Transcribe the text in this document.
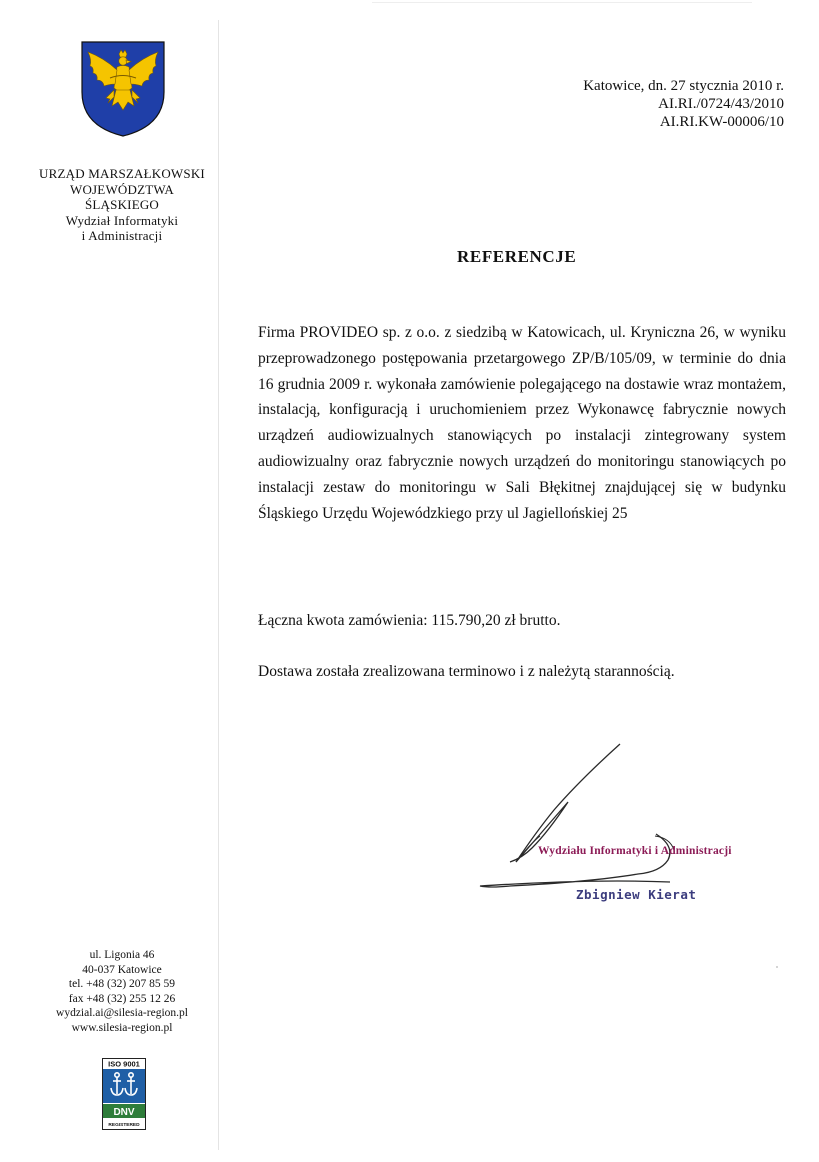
URZĄD MARSZAŁKOWSKI
WOJEWÓDZTWA
ŚLĄSKIEGO
Wydział Informatyki
i Administracji
Katowice, dn. 27 stycznia 2010 r.
AI.RI./0724/43/2010
AI.RI.KW-00006/10
REFERENCJE

Firma PROVIDEO sp. z o.o. z siedzibą w Katowicach, ul. Kryniczna 26, w wyniku przeprowadzonego postępowania przetargowego ZP/B/105/09, w terminie do dnia 16 grudnia 2009 r. wykonała zamówienie polegającego na dostawie wraz montażem, instalacją, konfiguracją i uruchomieniem przez Wykonawcę fabrycznie nowych urządzeń audiowizualnych stanowiących po instalacji zintegrowany system audiowizualny oraz fabrycznie nowych urządzeń do monitoringu stanowiących po instalacji zestaw do monitoringu w Sali Błękitnej znajdującej się w budynku Śląskiego Urzędu Wojewódzkiego przy ul Jagiellońskiej 25

Łączna kwota zamówienia: 115.790,20 zł brutto.
Dostawa została zrealizowana terminowo i z należytą starannością.
Wydziału Informatyki i Administracji
Zbigniew Kierat
ul. Ligonia 46
40-037 Katowice
tel. +48 (32) 207 85 59
fax +48 (32) 255 12 26
wydzial.ai@silesia-region.pl
www.silesia-region.pl
ISO 9001
DNV
REGISTERED
